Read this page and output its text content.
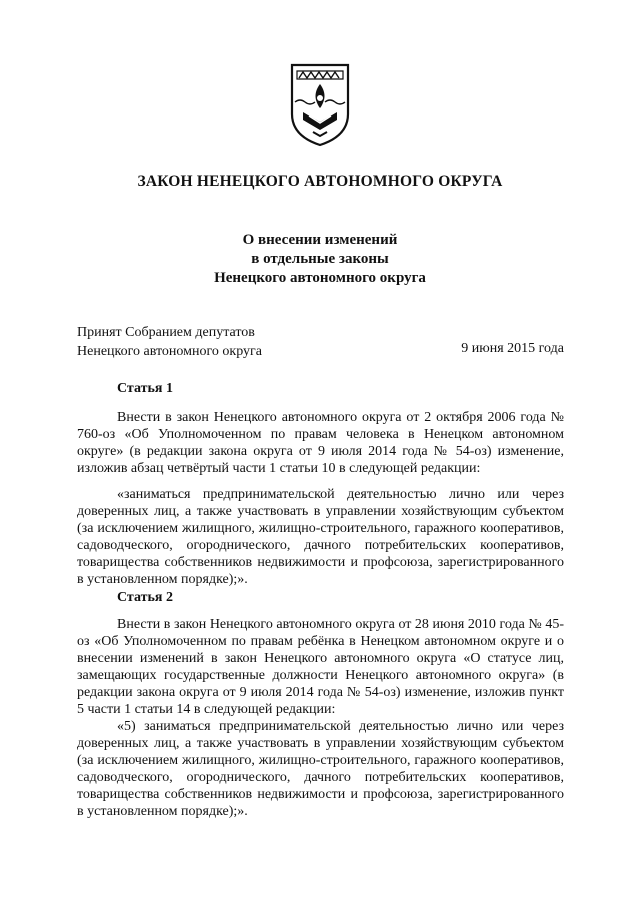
ЗАКОН НЕНЕЦКОГО АВТОНОМНОГО ОКРУГА
О внесении изменений
в отдельные законы
Ненецкого автономного округа
Принят Собранием депутатов
Ненецкого автономного округа	9 июня 2015 года
Статья 1

Внести в закон Ненецкого автономного округа от 2 октября 2006 года № 760-оз «Об Уполномоченном по правам человека в Ненецком автономном округе» (в редакции закона округа от 9 июля 2014 года № 54-оз) изменение, изложив абзац четвёртый части 1 статьи 10 в следующей редакции:

«заниматься предпринимательской деятельностью лично или через доверенных лиц, а также участвовать в управлении хозяйствующим субъектом (за исключением жилищного, жилищно-строительного, гаражного кооперативов, садоводческого, огороднического, дачного потребительских кооперативов, товарищества собственников недвижимости и профсоюза, зарегистрированного в установленном порядке);».

Статья 2

Внести в закон Ненецкого автономного округа от 28 июня 2010 года № 45-оз «Об Уполномоченном по правам ребёнка в Ненецком автономном округе и о внесении изменений в закон Ненецкого автономного округа «О статусе лиц, замещающих государственные должности Ненецкого автономного округа» (в редакции закона округа от 9 июля 2014 года № 54-оз) изменение, изложив пункт 5 части 1 статьи 14 в следующей редакции:

«5) заниматься предпринимательской деятельностью лично или через доверенных лиц, а также участвовать в управлении хозяйствующим субъектом (за исключением жилищного, жилищно-строительного, гаражного кооперативов, садоводческого, огороднического, дачного потребительских кооперативов, товарищества собственников недвижимости и профсоюза, зарегистрированного в установленном порядке);».
